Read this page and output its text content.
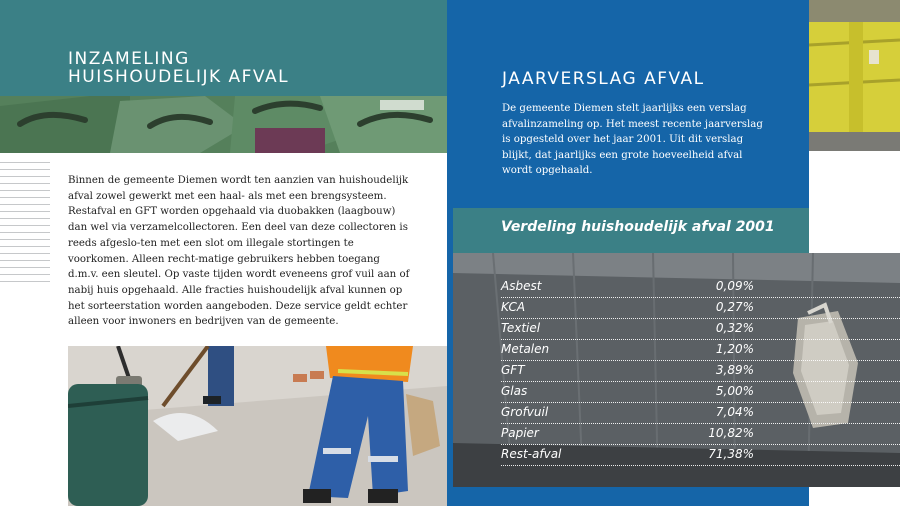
INZAMELING
HUISHOUDELIJK AFVAL

Binnen de gemeente Diemen wordt ten aanzien van huishoudelijk afval zowel gewerkt met een haal- als met een brengsysteem. Restafval en GFT worden opgehaald via duobakken (laagbouw) dan wel via verzamelcollectoren. Een deel van deze collectoren is reeds afgeslo-ten met een slot om illegale stortingen te voorkomen. Alleen recht-matige gebruikers hebben toegang d.m.v. een sleutel. Op vaste tijden wordt eveneens grof vuil aan of nabij huis opgehaald. Alle fracties huishoudelijk afval kunnen op het sorteerstation worden aangeboden. Deze service geldt echter alleen voor inwoners en bedrijven van de gemeente.

JAARVERSLAG AFVAL

De gemeente Diemen stelt jaarlijks een verslag afvalinzameling op. Het meest recente jaarverslag is opgesteld over het jaar 2001. Uit dit verslag blijkt, dat jaarlijks een grote hoeveelheid afval wordt opgehaald.

Verdeling huishoudelijk afval 2001
Asbest	0,09%
KCA	0,27%
Textiel	0,32%
Metalen	1,20%
GFT	3,89%
Glas	5,00%
Grofvuil	7,04%
Papier	10,82%
Rest-afval	71,38%
